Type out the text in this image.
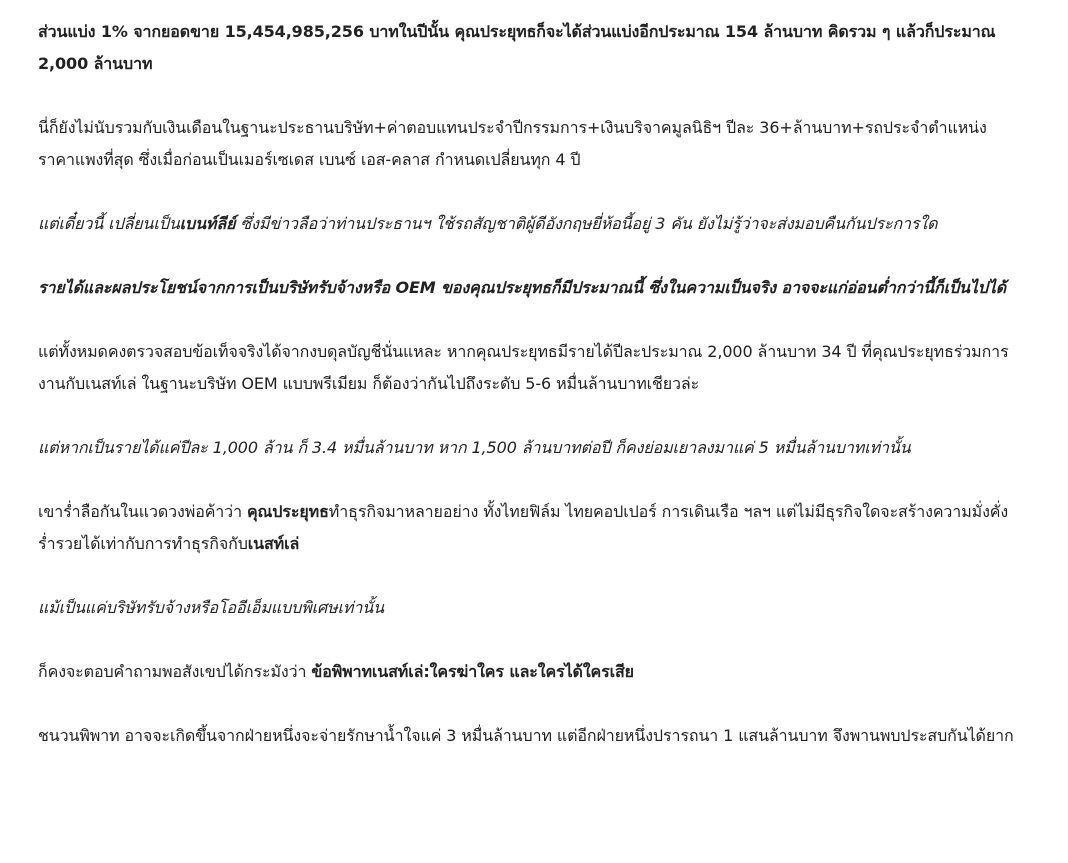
ส่วนแบ่ง 1% จากยอดขาย 15,454,985,256 บาทในปีนั้น คุณประยุทธก็จะได้ส่วนแบ่งอีกประมาณ 154 ล้านบาท คิดรวม ๆ แล้วก็ประมาณ 2,000 ล้านบาท

นี่ก็ยังไม่นับรวมกับเงินเดือนในฐานะประธานบริษัท+ค่าตอบแทนประจำปีกรรมการ+เงินบริจาคมูลนิธิฯ ปีละ 36+ล้านบาท+รถประจำตำแหน่ง ราคาแพงที่สุด ซึ่งเมื่อก่อนเป็นเมอร์เซเดส เบนซ์ เอส-คลาส กำหนดเปลี่ยนทุก 4 ปี

แต่เดี๋ยวนี้ เปลี่ยนเป็นเบนท์ลีย์ ซึ่งมีข่าวลือว่าท่านประธานฯ ใช้รถสัญชาติผู้ดีอังกฤษยี่ห้อนี้อยู่ 3 คัน ยังไม่รู้ว่าจะส่งมอบคืนกันประการใด

รายได้และผลประโยชน์จากการเป็นบริษัทรับจ้างหรือ OEM ของคุณประยุทธก็มีประมาณนี้ ซึ่งในความเป็นจริง อาจจะแก่อ่อนต่ำกว่านี้ก็เป็นไปได้

แต่ทั้งหมดคงตรวจสอบข้อเท็จจริงได้จากงบดุลบัญชีนั่นแหละ หากคุณประยุทธมีรายได้ปีละประมาณ 2,000 ล้านบาท 34 ปี ที่คุณประยุทธร่วมการงานกับเนสท์เล่ ในฐานะบริษัท OEM แบบพรีเมียม ก็ต้องว่ากันไปถึงระดับ 5-6 หมื่นล้านบาทเชียวล่ะ

แต่หากเป็นรายได้แค่ปีละ 1,000 ล้าน ก็ 3.4 หมื่นล้านบาท หาก 1,500 ล้านบาทต่อปี ก็คงย่อมเยาลงมาแค่ 5 หมื่นล้านบาทเท่านั้น

เขาร่ำลือกันในแวดวงพ่อค้าว่า คุณประยุทธทำธุรกิจมาหลายอย่าง ทั้งไทยฟิล์ม ไทยคอปเปอร์ การเดินเรือ ฯลฯ แต่ไม่มีธุรกิจใดจะสร้างความมั่งคั่งร่ำรวยได้เท่ากับการทำธุรกิจกับเนสท์เล่

แม้เป็นแค่บริษัทรับจ้างหรือโออีเอ็มแบบพิเศษเท่านั้น

ก็คงจะตอบคำถามพอสังเขปได้กระมังว่า ข้อพิพาทเนสท์เล่:ใครฆ่าใคร และใครได้ใครเสีย

ชนวนพิพาท อาจจะเกิดขึ้นจากฝ่ายหนึ่งจะจ่ายรักษาน้ำใจแค่ 3 หมื่นล้านบาท แต่อีกฝ่ายหนึ่งปรารถนา 1 แสนล้านบาท จึงพานพบประสบกันได้ยาก
